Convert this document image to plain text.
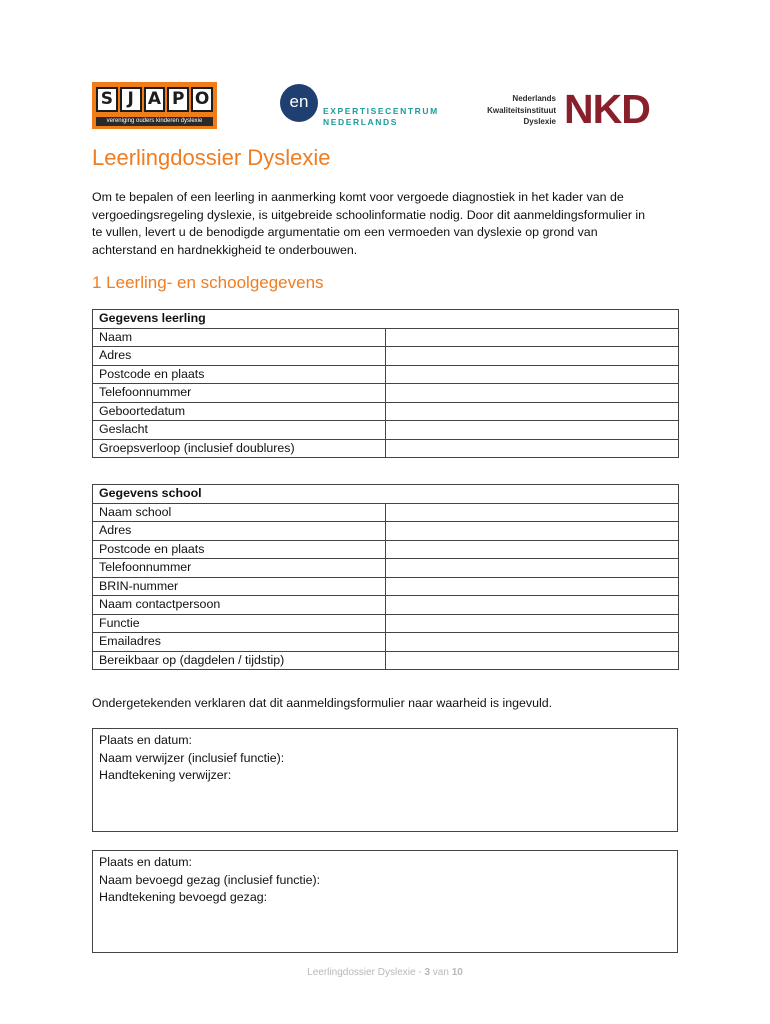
S J A P O
vereniging ouders kinderen dyslexie
en	EXPERTISECENTRUM
NEDERLANDS
Nederlands
Kwaliteitsinstituut
Dyslexie NKD
Leerlingdossier Dyslexie
Om te bepalen of een leerling in aanmerking komt voor vergoede diagnostiek in het kader van de
vergoedingsregeling dyslexie, is uitgebreide schoolinformatie nodig. Door dit aanmeldingsformulier in
te vullen, levert u de benodigde argumentatie om een vermoeden van dyslexie op grond van
achterstand en hardnekkigheid te onderbouwen.
1 Leerling- en schoolgegevens
Gegevens leerling	
Naam	
Adres	
Postcode en plaats	
Telefoonnummer	
Geboortedatum	
Geslacht	
Groepsverloop (inclusief doublures)	
Gegevens school	
Naam school	
Adres	
Postcode en plaats	
Telefoonnummer	
BRIN-nummer	
Naam contactpersoon	
Functie	
Emailadres	
Bereikbaar op (dagdelen / tijdstip)	
Ondergetekenden verklaren dat dit aanmeldingsformulier naar waarheid is ingevuld.
Plaats en datum:
Naam verwijzer (inclusief functie):
Handtekening verwijzer:
Plaats en datum:
Naam bevoegd gezag (inclusief functie):
Handtekening bevoegd gezag:
Leerlingdossier Dyslexie - 3 van 10
